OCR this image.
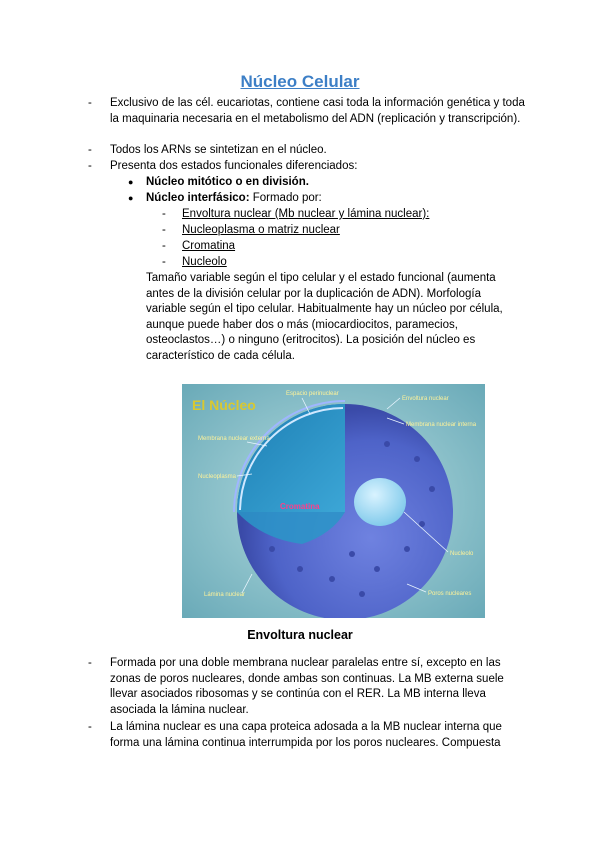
Núcleo Celular
-	Exclusivo de las cél. eucariotas, contiene casi toda la información genética y toda la maquinaria necesaria en el metabolismo del ADN (replicación y transcripción).
-	Todos los ARNs se sintetizan en el núcleo.
-	Presenta dos estados funcionales diferenciados:
● Núcleo mitótico o en división.
● Núcleo interfásico: Formado por:
- Envoltura nuclear (Mb nuclear y lámina nuclear):
- Nucleoplasma o matriz nuclear
- Cromatina
- Nucleolo
Tamaño variable según el tipo celular y el estado funcional (aumenta antes de la división celular por la duplicación de ADN). Morfología variable según el tipo celular. Habitualmente hay un núcleo por célula, aunque puede haber dos o más (miocardiocitos, paramecios, osteoclastos…) o ninguno (eritrocitos). La posición del núcleo es característico de cada célula.
El Núcleo
Espacio perinuclear
Envoltura nuclear
Membrana nuclear interna
Membrana nuclear externa
Nucleoplasma
Cromatina
Nucleolo
Lámina nuclear	Poros nucleares
Envoltura nuclear
-	Formada por una doble membrana nuclear paralelas entre sí, excepto en las zonas de poros nucleares, donde ambas son continuas. La MB externa suele llevar asociados ribosomas y se continúa con el RER. La MB interna lleva asociada la lámina nuclear.
-	La lámina nuclear es una capa proteica adosada a la MB nuclear interna que forma una lámina continua interrumpida por los poros nucleares. Compuesta
